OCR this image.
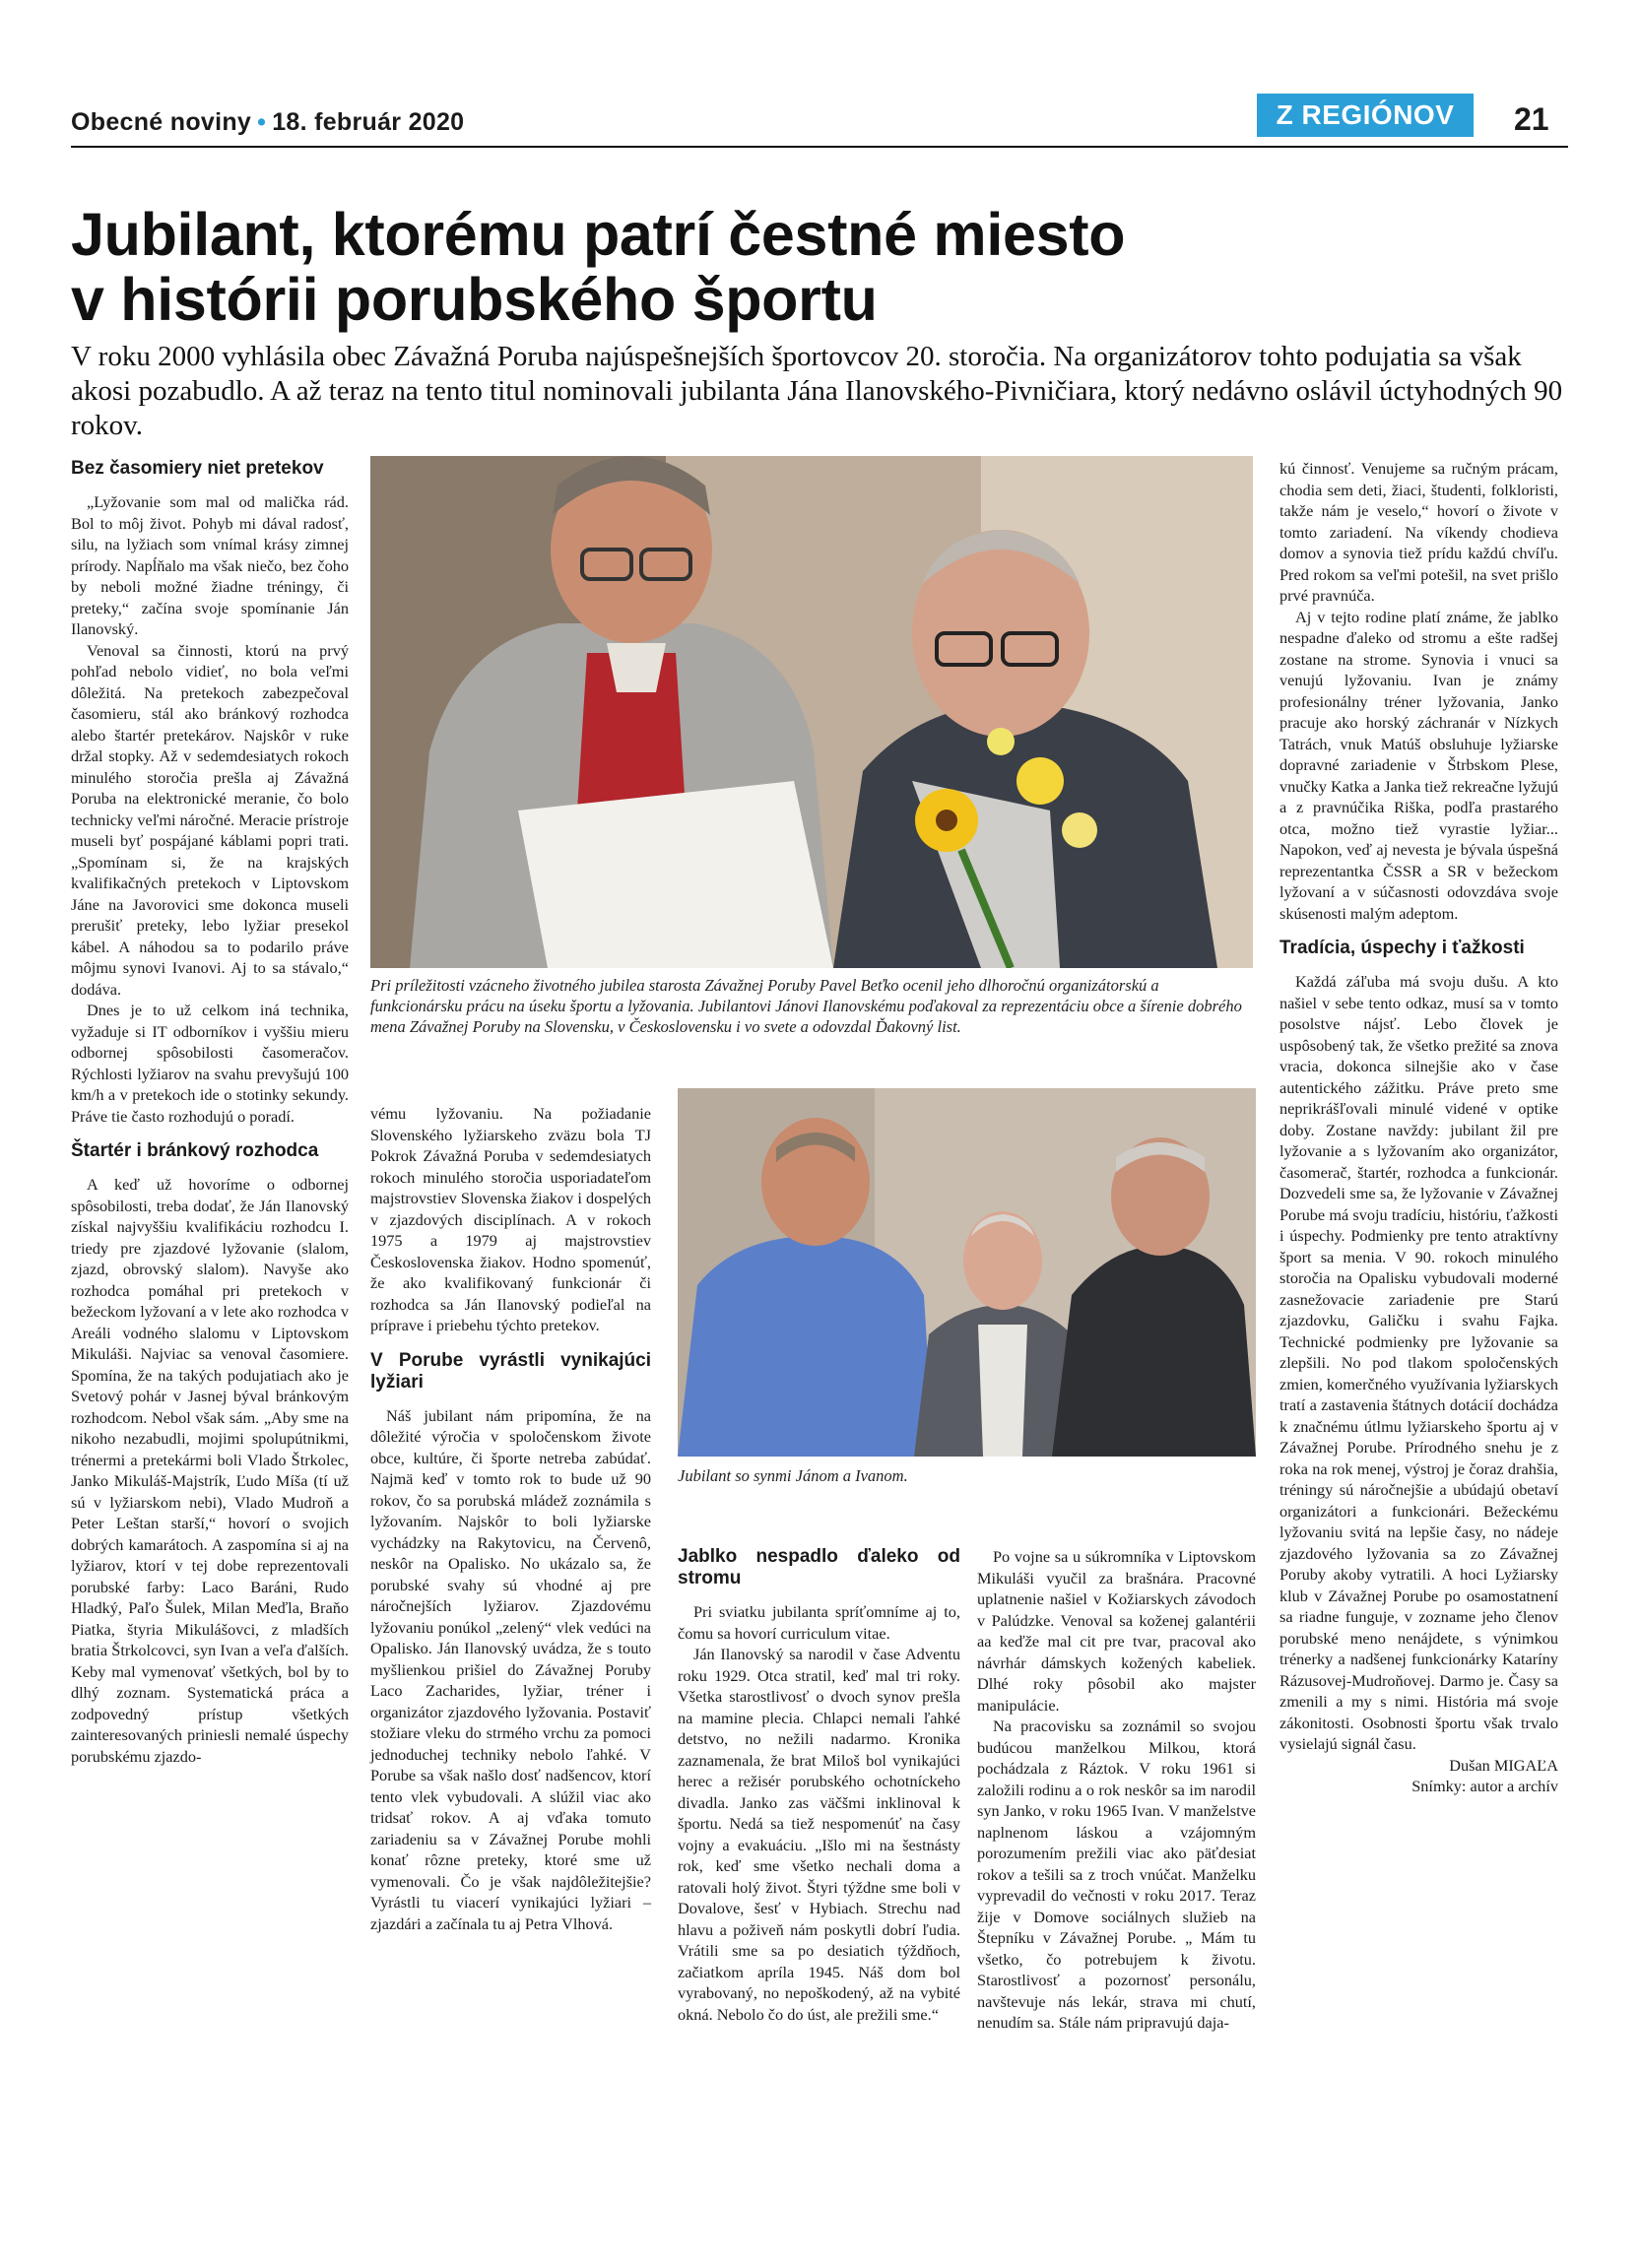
Obecné noviny • 18. február 2020	Z REGIÓNOV	21
Jubilant, ktorému patrí čestné miesto
v histórii porubského športu
V roku 2000 vyhlásila obec Závažná Poruba najúspešnejších športovcov 20. storočia. Na organizátorov tohto podujatia sa však akosi pozabudlo. A až teraz na tento titul nominovali jubilanta Jána Ilanovského-Pivničiara, ktorý nedávno oslávil úctyhodných 90 rokov.
Bez časomiery niet pretekov

„Lyžovanie som mal od malička rád. Bol to môj život. Pohyb mi dával radosť, silu, na lyžiach som vnímal krásy zimnej prírody. Napĺňalo ma však niečo, bez čoho by neboli možné žiadne tréningy, či preteky,“ začína svoje spomínanie Ján Ilanovský.

Venoval sa činnosti, ktorú na prvý pohľad nebolo vidieť, no bola veľmi dôležitá. Na pretekoch zabezpečoval časomieru, stál ako bránkový rozhodca alebo štartér pretekárov. Najskôr v ruke držal stopky. Až v sedemdesiatych rokoch minulého storočia prešla aj Závažná Poruba na elektronické meranie, čo bolo technicky veľmi náročné. Meracie prístroje museli byť pospájané káblami popri trati. „Spomínam si, že na krajských kvalifikačných pretekoch v Liptovskom Jáne na Javorovici sme dokonca museli prerušiť preteky, lebo lyžiar presekol kábel. A náhodou sa to podarilo práve môjmu synovi Ivanovi. Aj to sa stávalo,“ dodáva.

Dnes je to už celkom iná technika, vyžaduje si IT odborníkov i vyššiu mieru odbornej spôsobilosti časomeračov. Rýchlosti lyžiarov na svahu prevyšujú 100 km/h a v pretekoch ide o stotinky sekundy. Práve tie často rozhodujú o poradí.

Štartér i bránkový rozhodca

A keď už hovoríme o odbornej spôsobilosti, treba dodať, že Ján Ilanovský získal najvyššiu kvalifikáciu rozhodcu I. triedy pre zjazdové lyžovanie (slalom, zjazd, obrovský slalom). Navyše ako rozhodca pomáhal pri pretekoch v bežeckom lyžovaní a v lete ako rozhodca v Areáli vodného slalomu v Liptovskom Mikuláši. Najviac sa venoval časomiere. Spomína, že na takých podujatiach ako je Svetový pohár v Jasnej býval bránkovým rozhodcom. Nebol však sám. „Aby sme na nikoho nezabudli, mojimi spolupútnikmi, trénermi a pretekármi boli Vlado Štrkolec, Janko Mikuláš-Majstrík, Ľudo Míša (tí už sú v lyžiarskom nebi), Vlado Mudroň a Peter Leštan starší,“ hovorí o svojich dobrých kamarátoch. A zaspomína si aj na lyžiarov, ktorí v tej dobe reprezentovali porubské farby: Laco Baráni, Rudo Hladký, Paľo Šulek, Milan Meďla, Braňo Piatka, štyria Mikulášovci, z mladších bratia Štrkolcovci, syn Ivan a veľa ďalších. Keby mal vymenovať všetkých, bol by to dlhý zoznam. Systematická práca a zodpovedný prístup všetkých zainteresovaných priniesli nemalé úspechy porubskému zjazdo-

Pri príležitosti vzácneho životného jubilea starosta Závažnej Poruby Pavel Beťko ocenil jeho dlhoročnú organizátorskú a funkcionársku prácu na úseku športu a lyžovania. Jubilantovi Jánovi Ilanovskému poďakoval za reprezentáciu obce a šírenie dobrého mena Závažnej Poruby na Slovensku, v Československu i vo svete a odovzdal Ďakovný list.

vému lyžovaniu. Na požiadanie Slovenského lyžiarskeho zväzu bola TJ Pokrok Závažná Poruba v sedemdesiatych rokoch minulého storočia usporiadateľom majstrovstiev Slovenska žiakov i dospelých v zjazdových disciplínach. A v rokoch 1975 a 1979 aj majstrovstiev Československa žiakov. Hodno spomenúť, že ako kvalifikovaný funkcionár či rozhodca sa Ján Ilanovský podieľal na príprave i priebehu týchto pretekov.

V Porube vyrástli vynikajúci lyžiari

Náš jubilant nám pripomína, že na dôležité výročia v spoločenskom živote obce, kultúre, či športe netreba zabúdať. Najmä keď v tomto rok to bude už 90 rokov, čo sa porubská mládež zoznámila s lyžovaním. Najskôr to boli lyžiarske vychádzky na Rakytovicu, na Červenô, neskôr na Opalisko. No ukázalo sa, že porubské svahy sú vhodné aj pre náročnejších lyžiarov. Zjazdovému lyžovaniu ponúkol „zelený“ vlek vedúci na Opalisko. Ján Ilanovský uvádza, že s touto myšlienkou prišiel do Závažnej Poruby Laco Zacharides, lyžiar, tréner i organizátor zjazdového lyžovania. Postaviť stožiare vleku do strmého vrchu za pomoci jednoduchej techniky nebolo ľahké. V Porube sa však našlo dosť nadšencov, ktorí tento vlek vybudovali. A slúžil viac ako tridsať rokov. A aj vďaka tomuto zariadeniu sa v Závažnej Porube mohli konať rôzne preteky, ktoré sme už vymenovali. Čo je však najdôležitejšie? Vyrástli tu viacerí vynikajúci lyžiari – zjazdári a začínala tu aj Petra Vlhová.

Jubilant so synmi Jánom a Ivanom.
Jablko nespadlo ďaleko od stromu

Pri sviatku jubilanta spríťomníme aj to, čomu sa hovorí curriculum vitae.

Ján Ilanovský sa narodil v čase Adventu roku 1929. Otca stratil, keď mal tri roky. Všetka starostlivosť o dvoch synov prešla na mamine plecia. Chlapci nemali ľahké detstvo, no nežili nadarmo. Kronika zaznamenala, že brat Miloš bol vynikajúci herec a režisér porubského ochotníckeho divadla. Janko zas väčšmi inklinoval k športu. Nedá sa tiež nespomenúť na časy vojny a evakuáciu. „Išlo mi na šestnásty rok, keď sme všetko nechali doma a ratovali holý život. Štyri týždne sme boli v Dovalove, šesť v Hybiach. Strechu nad hlavu a poživeň nám poskytli dobrí ľudia. Vrátili sme sa po desiatich týždňoch, začiatkom apríla 1945. Náš dom bol vyrabovaný, no nepoškodený, až na vybité okná. Nebolo čo do úst, ale prežili sme.“

Po vojne sa u súkromníka v Liptovskom Mikuláši vyučil za brašnára. Pracovné uplatnenie našiel v Kožiarskych závodoch v Palúdzke. Venoval sa koženej galantérii aa keďže mal cit pre tvar, pracoval ako návrhár dámskych kožených kabeliek. Dlhé roky pôsobil ako majster manipulácie.

Na pracovisku sa zoznámil so svojou budúcou manželkou Milkou, ktorá pochádzala z Ráztok. V roku 1961 si založili rodinu a o rok neskôr sa im narodil syn Janko, v roku 1965 Ivan. V manželstve naplnenom láskou a vzájomným porozumením prežili viac ako päťdesiat rokov a tešili sa z troch vnúčat. Manželku vyprevadil do večnosti v roku 2017. Teraz žije v Domove sociálnych služieb na Štepníku v Závažnej Porube. „ Mám tu všetko, čo potrebujem k životu. Starostlivosť a pozornosť personálu, navštevuje nás lekár, strava mi chutí, nenudím sa. Stále nám pripravujú daja-

kú činnosť. Venujeme sa ručným prácam, chodia sem deti, žiaci, študenti, folkloristi, takže nám je veselo,“ hovorí o živote v tomto zariadení. Na víkendy chodieva domov a synovia tiež prídu každú chvíľu. Pred rokom sa veľmi potešil, na svet prišlo prvé pravnúča.

Aj v tejto rodine platí známe, že jablko nespadne ďaleko od stromu a ešte radšej zostane na strome. Synovia i vnuci sa venujú lyžovaniu. Ivan je známy profesionálny tréner lyžovania, Janko pracuje ako horský záchranár v Nízkych Tatrách, vnuk Matúš obsluhuje lyžiarske dopravné zariadenie v Štrbskom Plese, vnučky Katka a Janka tiež rekreačne lyžujú a z pravnúčika Riška, podľa prastarého otca, možno tiež vyrastie lyžiar... Napokon, veď aj nevesta je bývala úspešná reprezentantka ČSSR a SR v bežeckom lyžovaní a v súčasnosti odovzdáva svoje skúsenosti malým adeptom.

Tradícia, úspechy i ťažkosti

Každá záľuba má svoju dušu. A kto našiel v sebe tento odkaz, musí sa v tomto posolstve nájsť. Lebo človek je uspôsobený tak, že všetko prežité sa znova vracia, dokonca silnejšie ako v čase autentického zážitku. Práve preto sme neprikrášľovali minulé videné v optike doby. Zostane navždy: jubilant žil pre lyžovanie a s lyžovaním ako organizátor, časomerač, štartér, rozhodca a funkcionár. Dozvedeli sme sa, že lyžovanie v Závažnej Porube má svoju tradíciu, históriu, ťažkosti i úspechy. Podmienky pre tento atraktívny šport sa menia. V 90. rokoch minulého storočia na Opalisku vybudovali moderné zasnežovacie zariadenie pre Starú zjazdovku, Galičku i svahu Fajka. Technické podmienky pre lyžovanie sa zlepšili. No pod tlakom spoločenských zmien, komerčného využívania lyžiarskych tratí a zastavenia štátnych dotácií dochádza k značnému útlmu lyžiarskeho športu aj v Závažnej Porube. Prírodného snehu je z roka na rok menej, výstroj je čoraz drahšia, tréningy sú náročnejšie a ubúdajú obetaví organizátori a funkcionári. Bežeckému lyžovaniu svitá na lepšie časy, no nádeje zjazdového lyžovania sa zo Závažnej Poruby akoby vytratili. A hoci Lyžiarsky klub v Závažnej Porube po osamostatnení sa riadne funguje, v zozname jeho členov porubské meno nenájdete, s výnimkou trénerky a nadšenej funkcionárky Kataríny Rázusovej-Mudroňovej. Darmo je. Časy sa zmenili a my s nimi. História má svoje zákonitosti. Osobnosti športu však trvalo vysielajú signál času.

Dušan MIGAĽA

Snímky: autor a archív
